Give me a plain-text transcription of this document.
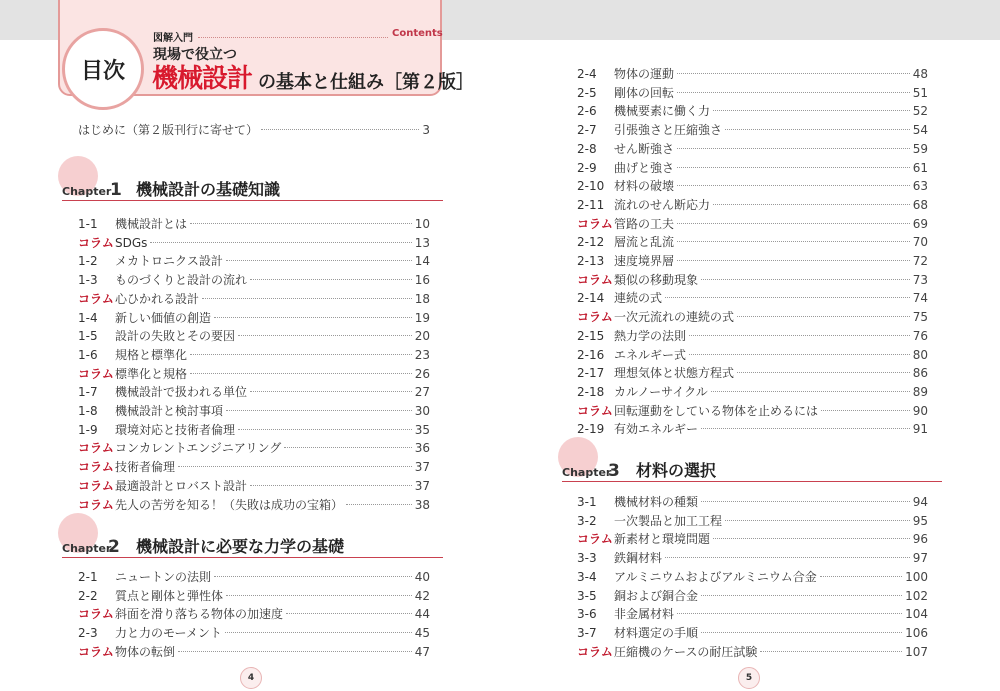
目次
図解入門	Contents
現場で役立つ
機械設計 の基本と仕組み［第２版］
はじめに（第２版刊行に寄せて）	3
Chapter
1 機械設計の基礎知識
Chapter
2 機械設計に必要な力学の基礎
Chapter
3 材料の選択
1-1	機械設計とは	10
コラム SDGs	13
1-2	メカトロニクス設計	14
1-3	ものづくりと設計の流れ	16
コラム 心ひかれる設計	18
1-4	新しい価値の創造	19
1-5	設計の失敗とその要因	20
1-6	規格と標準化	23
コラム 標準化と規格	26
1-7	機械設計で扱われる単位	27
1-8	機械設計と検討事項	30
1-9	環境対応と技術者倫理	35
コラム コンカレントエンジニアリング	36
コラム 技術者倫理	37
コラム 最適設計とロバスト設計	37
コラム 先人の苦労を知る！（失敗は成功の宝箱）	38
2-1	ニュートンの法則	40
2-2	質点と剛体と弾性体	42
コラム 斜面を滑り落ちる物体の加速度	44
2-3	力と力のモーメント	45
コラム 物体の転倒	47
2-4	物体の運動	48
2-5	剛体の回転	51
2-6	機械要素に働く力	52
2-7	引張強さと圧縮強さ	54
2-8	せん断強さ	59
2-9	曲げと強さ	61
2-10 材料の破壊	63
2-11 流れのせん断応力	68
コラム 管路の工夫	69
2-12 層流と乱流	70
2-13 速度境界層	72
コラム 類似の移動現象	73
2-14 連続の式	74
コラム 一次元流れの連続の式	75
2-15 熱力学の法則	76
2-16 エネルギー式	80
2-17 理想気体と状態方程式	86
2-18 カルノーサイクル	89
コラム 回転運動をしている物体を止めるには	90
2-19 有効エネルギー	91
3-1	機械材料の種類	94
3-2	一次製品と加工工程	95
コラム 新素材と環境問題	96
3-3	鉄鋼材料	97
3-4	アルミニウムおよびアルミニウム合金	100
3-5	銅および銅合金	102
3-6	非金属材料	104
3-7	材料選定の手順	106
コラム 圧縮機のケースの耐圧試験	107
4	5
